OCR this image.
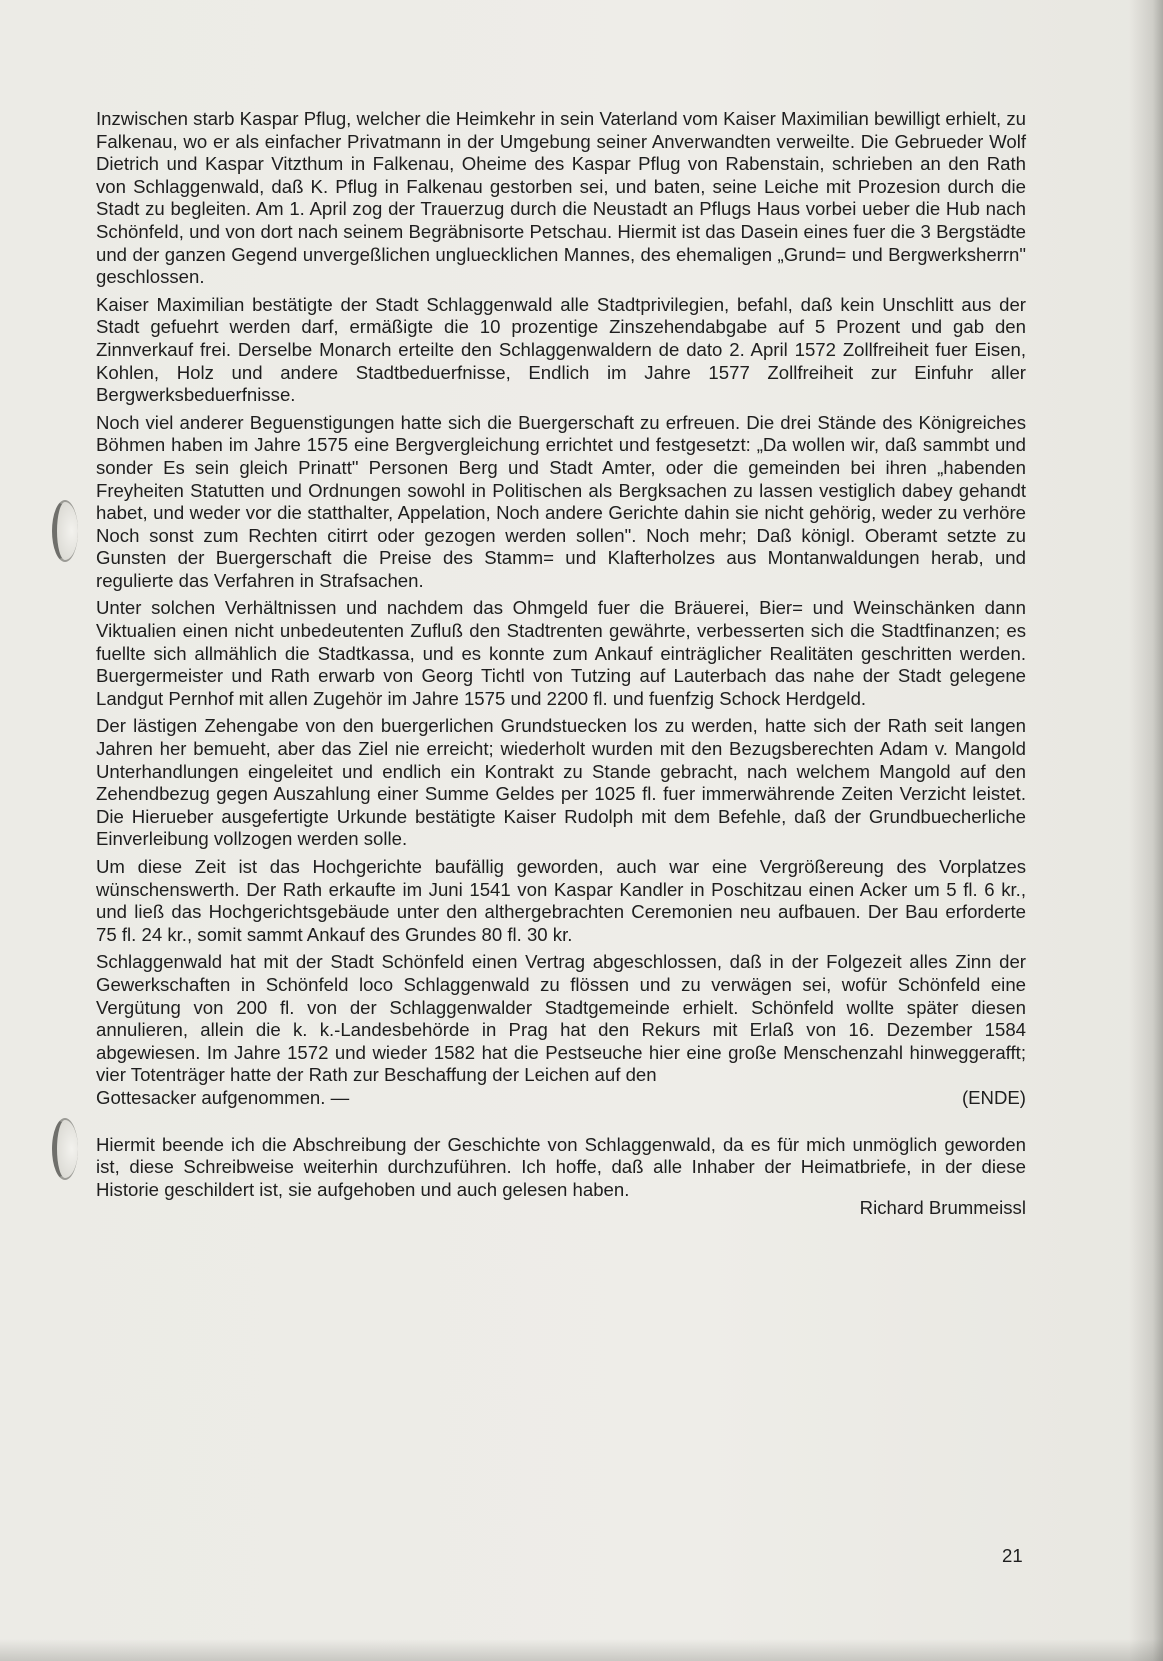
Inzwischen starb Kaspar Pflug, welcher die Heimkehr in sein Vaterland vom Kaiser Maximilian bewilligt erhielt, zu Falkenau, wo er als einfacher Privatmann in der Umgebung seiner Anverwandten verweilte. Die Gebrueder Wolf Dietrich und Kaspar Vitzthum in Falkenau, Oheime des Kaspar Pflug von Rabenstain, schrieben an den Rath von Schlaggenwald, daß K. Pflug in Falkenau gestorben sei, und baten, seine Leiche mit Prozesion durch die Stadt zu begleiten. Am 1. April zog der Trauerzug durch die Neustadt an Pflugs Haus vorbei ueber die Hub nach Schönfeld, und von dort nach seinem Begräbnisorte Petschau. Hiermit ist das Dasein eines fuer die 3 Bergstädte und der ganzen Gegend unvergeßlichen ungluecklichen Mannes, des ehemaligen „Grund= und Bergwerksherrn" geschlossen.

Kaiser Maximilian bestätigte der Stadt Schlaggenwald alle Stadtprivilegien, befahl, daß kein Unschlitt aus der Stadt gefuehrt werden darf, ermäßigte die 10 prozentige Zinszehendabgabe auf 5 Prozent und gab den Zinnverkauf frei. Derselbe Monarch erteilte den Schlaggenwaldern de dato 2. April 1572 Zollfreiheit fuer Eisen, Kohlen, Holz und andere Stadtbeduerfnisse, Endlich im Jahre 1577 Zollfreiheit zur Einfuhr aller Bergwerksbeduerfnisse.

Noch viel anderer Beguenstigungen hatte sich die Buergerschaft zu erfreuen. Die drei Stände des Königreiches Böhmen haben im Jahre 1575 eine Bergvergleichung errichtet und festgesetzt: „Da wollen wir, daß sammbt und sonder Es sein gleich Prinatt" Personen Berg und Stadt Amter, oder die gemeinden bei ihren „habenden Freyheiten Statutten und Ordnungen sowohl in Politischen als Bergksachen zu lassen vestiglich dabey gehandt habet, und weder vor die statthalter, Appelation, Noch andere Gerichte dahin sie nicht gehörig, weder zu verhöre Noch sonst zum Rechten citirrt oder gezogen werden sollen". Noch mehr; Daß königl. Oberamt setzte zu Gunsten der Buergerschaft die Preise des Stamm= und Klafterholzes aus Montanwaldungen herab, und regulierte das Verfahren in Strafsachen.

Unter solchen Verhältnissen und nachdem das Ohmgeld fuer die Bräuerei, Bier= und Weinschänken dann Viktualien einen nicht unbedeutenten Zufluß den Stadtrenten gewährte, verbesserten sich die Stadtfinanzen; es fuellte sich allmählich die Stadtkassa, und es konnte zum Ankauf einträglicher Realitäten geschritten werden. Buergermeister und Rath erwarb von Georg Tichtl von Tutzing auf Lauterbach das nahe der Stadt gelegene Landgut Pernhof mit allen Zugehör im Jahre 1575 und 2200 fl. und fuenfzig Schock Herdgeld.

Der lästigen Zehengabe von den buergerlichen Grundstuecken los zu werden, hatte sich der Rath seit langen Jahren her bemueht, aber das Ziel nie erreicht; wiederholt wurden mit den Bezugsberechten Adam v. Mangold Unterhandlungen eingeleitet und endlich ein Kontrakt zu Stande gebracht, nach welchem Mangold auf den Zehendbezug gegen Auszahlung einer Summe Geldes per 1025 fl. fuer immerwährende Zeiten Verzicht leistet. Die Hierueber ausgefertigte Urkunde bestätigte Kaiser Rudolph mit dem Befehle, daß der Grundbuecherliche Einverleibung vollzogen werden solle.

Um diese Zeit ist das Hochgerichte baufällig geworden, auch war eine Vergrößereung des Vorplatzes wünschenswerth. Der Rath erkaufte im Juni 1541 von Kaspar Kandler in Poschitzau einen Acker um 5 fl. 6 kr., und ließ das Hochgerichtsgebäude unter den althergebrachten Ceremonien neu aufbauen. Der Bau erforderte 75 fl. 24 kr., somit sammt Ankauf des Grundes 80 fl. 30 kr.

Schlaggenwald hat mit der Stadt Schönfeld einen Vertrag abgeschlossen, daß in der Folgezeit alles Zinn der Gewerkschaften in Schönfeld loco Schlaggenwald zu flössen und zu verwägen sei, wofür Schönfeld eine Vergütung von 200 fl. von der Schlaggenwalder Stadtgemeinde erhielt. Schönfeld wollte später diesen annulieren, allein die k. k.-Landesbehörde in Prag hat den Rekurs mit Erlaß von 16. Dezember 1584 abgewiesen. Im Jahre 1572 und wieder 1582 hat die Pestseuche hier eine große Menschenzahl hinweggerafft; vier Totenträger hatte der Rath zur Beschaffung der Leichen auf den

Gottesacker aufgenommen. —	(ENDE)

Hiermit beende ich die Abschreibung der Geschichte von Schlaggenwald, da es für mich unmöglich geworden ist, diese Schreibweise weiterhin durchzuführen. Ich hoffe, daß alle Inhaber der Heimatbriefe, in der diese Historie geschildert ist, sie aufgehoben und auch gelesen haben.

Richard Brummeissl
21
